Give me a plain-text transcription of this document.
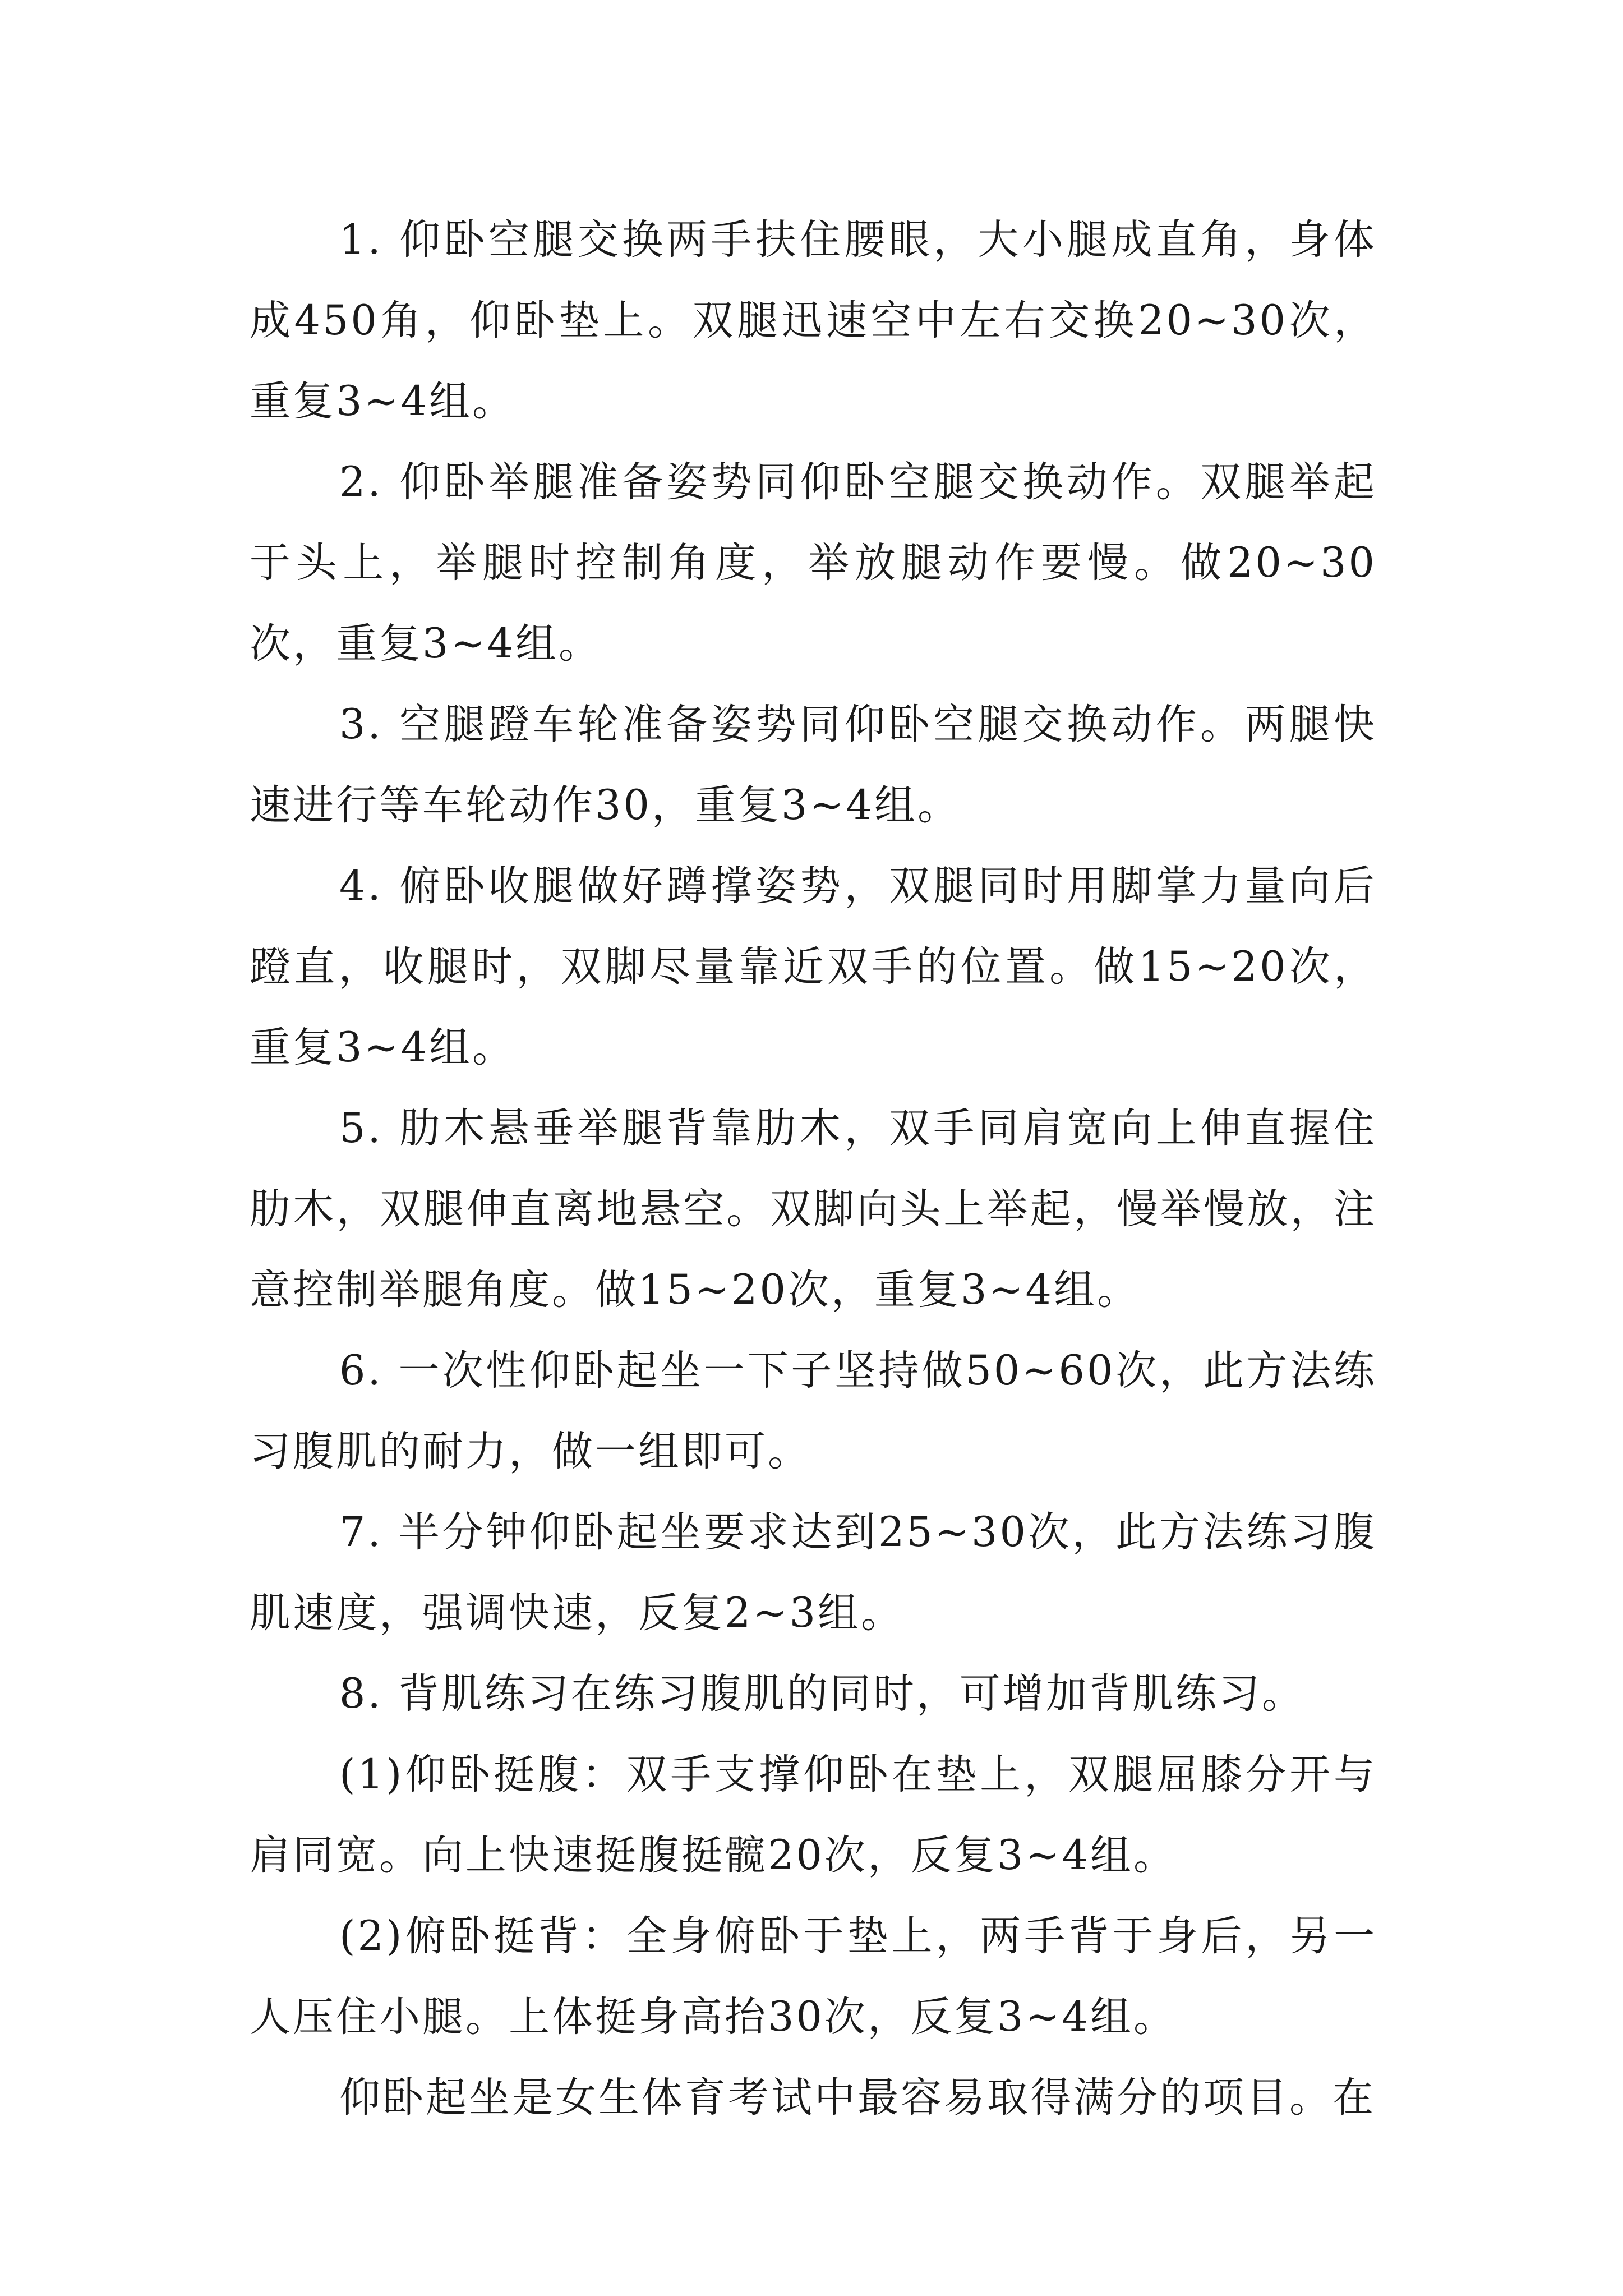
1. 仰卧空腿交换两手扶住腰眼，大小腿成直角，身体成450角，仰卧垫上。双腿迅速空中左右交换20~30次，重复3~4组。

2. 仰卧举腿准备姿势同仰卧空腿交换动作。双腿举起于头上，举腿时控制角度，举放腿动作要慢。做20~30次，重复3~4组。

3. 空腿蹬车轮准备姿势同仰卧空腿交换动作。两腿快速进行等车轮动作30，重复3~4组。

4. 俯卧收腿做好蹲撑姿势，双腿同时用脚掌力量向后蹬直，收腿时，双脚尽量靠近双手的位置。做15~20次，重复3~4组。

5. 肋木悬垂举腿背靠肋木，双手同肩宽向上伸直握住肋木，双腿伸直离地悬空。双脚向头上举起，慢举慢放，注意控制举腿角度。做15~20次，重复3~4组。

6. 一次性仰卧起坐一下子坚持做50~60次，此方法练习腹肌的耐力，做一组即可。

7. 半分钟仰卧起坐要求达到25~30次，此方法练习腹肌速度，强调快速，反复2~3组。

8. 背肌练习在练习腹肌的同时，可增加背肌练习。

(1)仰卧挺腹：双手支撑仰卧在垫上，双腿屈膝分开与肩同宽。向上快速挺腹挺髋20次，反复3~4组。

(2)俯卧挺背：全身俯卧于垫上，两手背于身后，另一人压住小腿。上体挺身高抬30次，反复3~4组。

仰卧起坐是女生体育考试中最容易取得满分的项目。在
